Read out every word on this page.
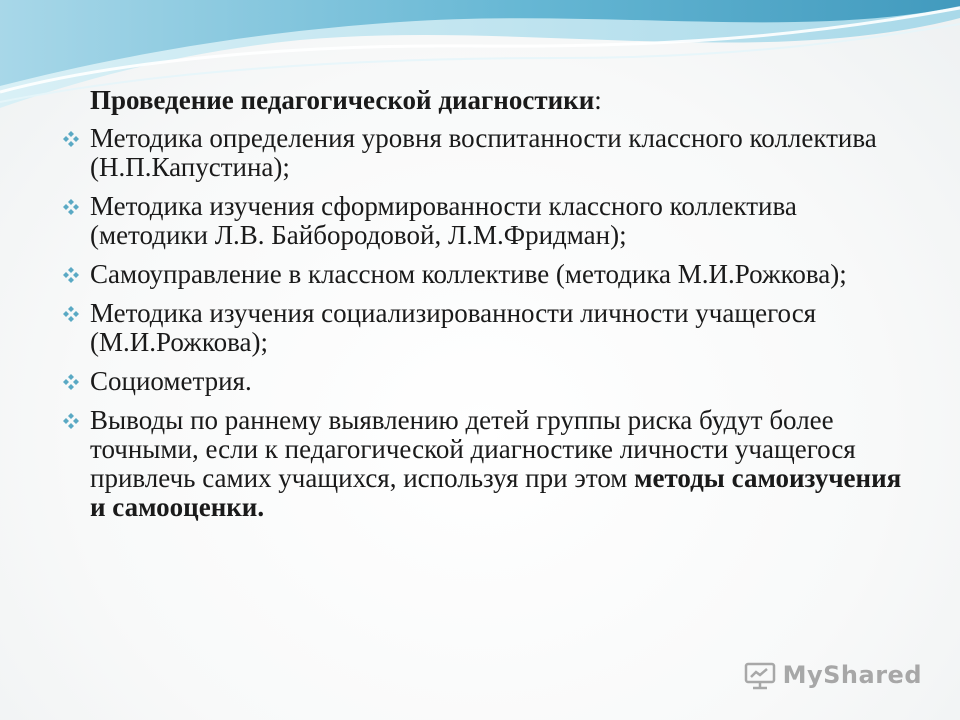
Проведение педагогической диагностики:

Методика определения уровня воспитанности классного коллектива (Н.П.Капустина);
Методика изучения сформированности классного коллектива (методики Л.В. Байбородовой, Л.М.Фридман);
Самоуправление в классном коллективе (методика М.И.Рожкова);
Методика изучения социализированности личности учащегося (М.И.Рожкова);
Социометрия.
Выводы по раннему выявлению детей группы риска будут более точными, если к педагогической диагностике личности учащегося привлечь самих учащихся, используя при этом методы самоизучения и самооценки.
MyShared
